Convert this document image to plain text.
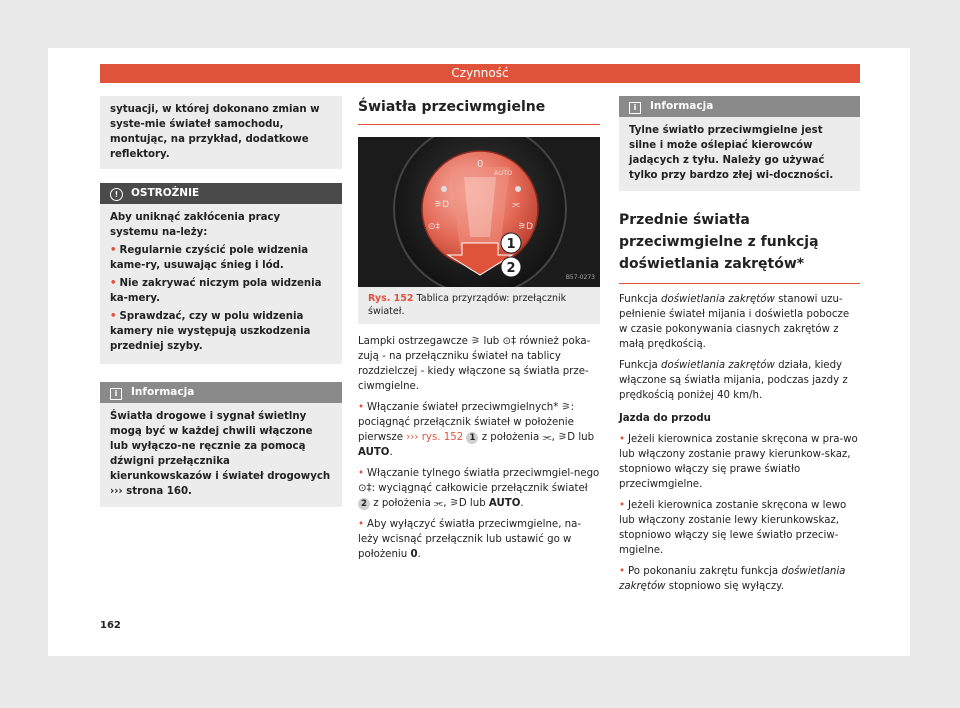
Czynność
sytuacji, w której dokonano zmian w syste-mie świateł samochodu, montując, na przykład, dodatkowe reflektory.
! OSTROŻNIE

Aby uniknąć zakłócenia pracy systemu na-leży:

• Regularnie czyścić pole widzenia kame-ry, usuwając śnieg i lód.

• Nie zakrywać niczym pola widzenia ka-mery.

• Sprawdzać, czy w polu widzenia kamery nie występują uszkodzenia przedniej szyby.

i Informacja
Światła drogowe i sygnał świetlny mogą być w każdej chwili włączone lub wyłączo-ne ręcznie za pomocą dźwigni przełącznika kierunkowskazów i świateł drogowych ››› strona 160.
Światła przeciwmgielne
0
AUTO
⚞D
⊙‡
⫘
⚞D
1
2
B57-0273
Rys. 152 Tablica przyrządów: przełącznik świateł.

Lampki ostrzegawcze ⚞ lub ⊙‡ również poka-zują - na przełączniku świateł na tablicy rozdzielczej - kiedy włączone są światła prze-ciwmgielne.

• Włączanie świateł przeciwmgielnych* ⚞: pociągnąć przełącznik świateł w położenie pierwsze ››› rys. 152 1 z położenia ⫘, ⚞D lub AUTO.

• Włączanie tylnego światła przeciwmgiel-nego ⊙‡: wyciągnąć całkowicie przełącznik świateł 2 z położenia ⫘, ⚞D lub AUTO.

• Aby wyłączyć światła przeciwmgielne, na-leży wcisnąć przełącznik lub ustawić go w położeniu 0.

i Informacja
Tylne światło przeciwmgielne jest silne i może oślepiać kierowców jadących z tyłu. Należy go używać tylko przy bardzo złej wi-doczności.
Przednie światła przeciwmgielne z funkcją doświetlania zakrętów*

Funkcja doświetlania zakrętów stanowi uzu-pełnienie świateł mijania i doświetla pobocze w czasie pokonywania ciasnych zakrętów z małą prędkością.

Funkcja doświetlania zakrętów działa, kiedy włączone są światła mijania, podczas jazdy z prędkością poniżej 40 km/h.

Jazda do przodu

• Jeżeli kierownica zostanie skręcona w pra-wo lub włączony zostanie prawy kierunkow-skaz, stopniowo włączy się prawe światło przeciwmgielne.

• Jeżeli kierownica zostanie skręcona w lewo lub włączony zostanie lewy kierunkowskaz, stopniowo włączy się lewe światło przeciw-mgielne.

• Po pokonaniu zakrętu funkcja doświetlania zakrętów stopniowo się wyłączy.

162
